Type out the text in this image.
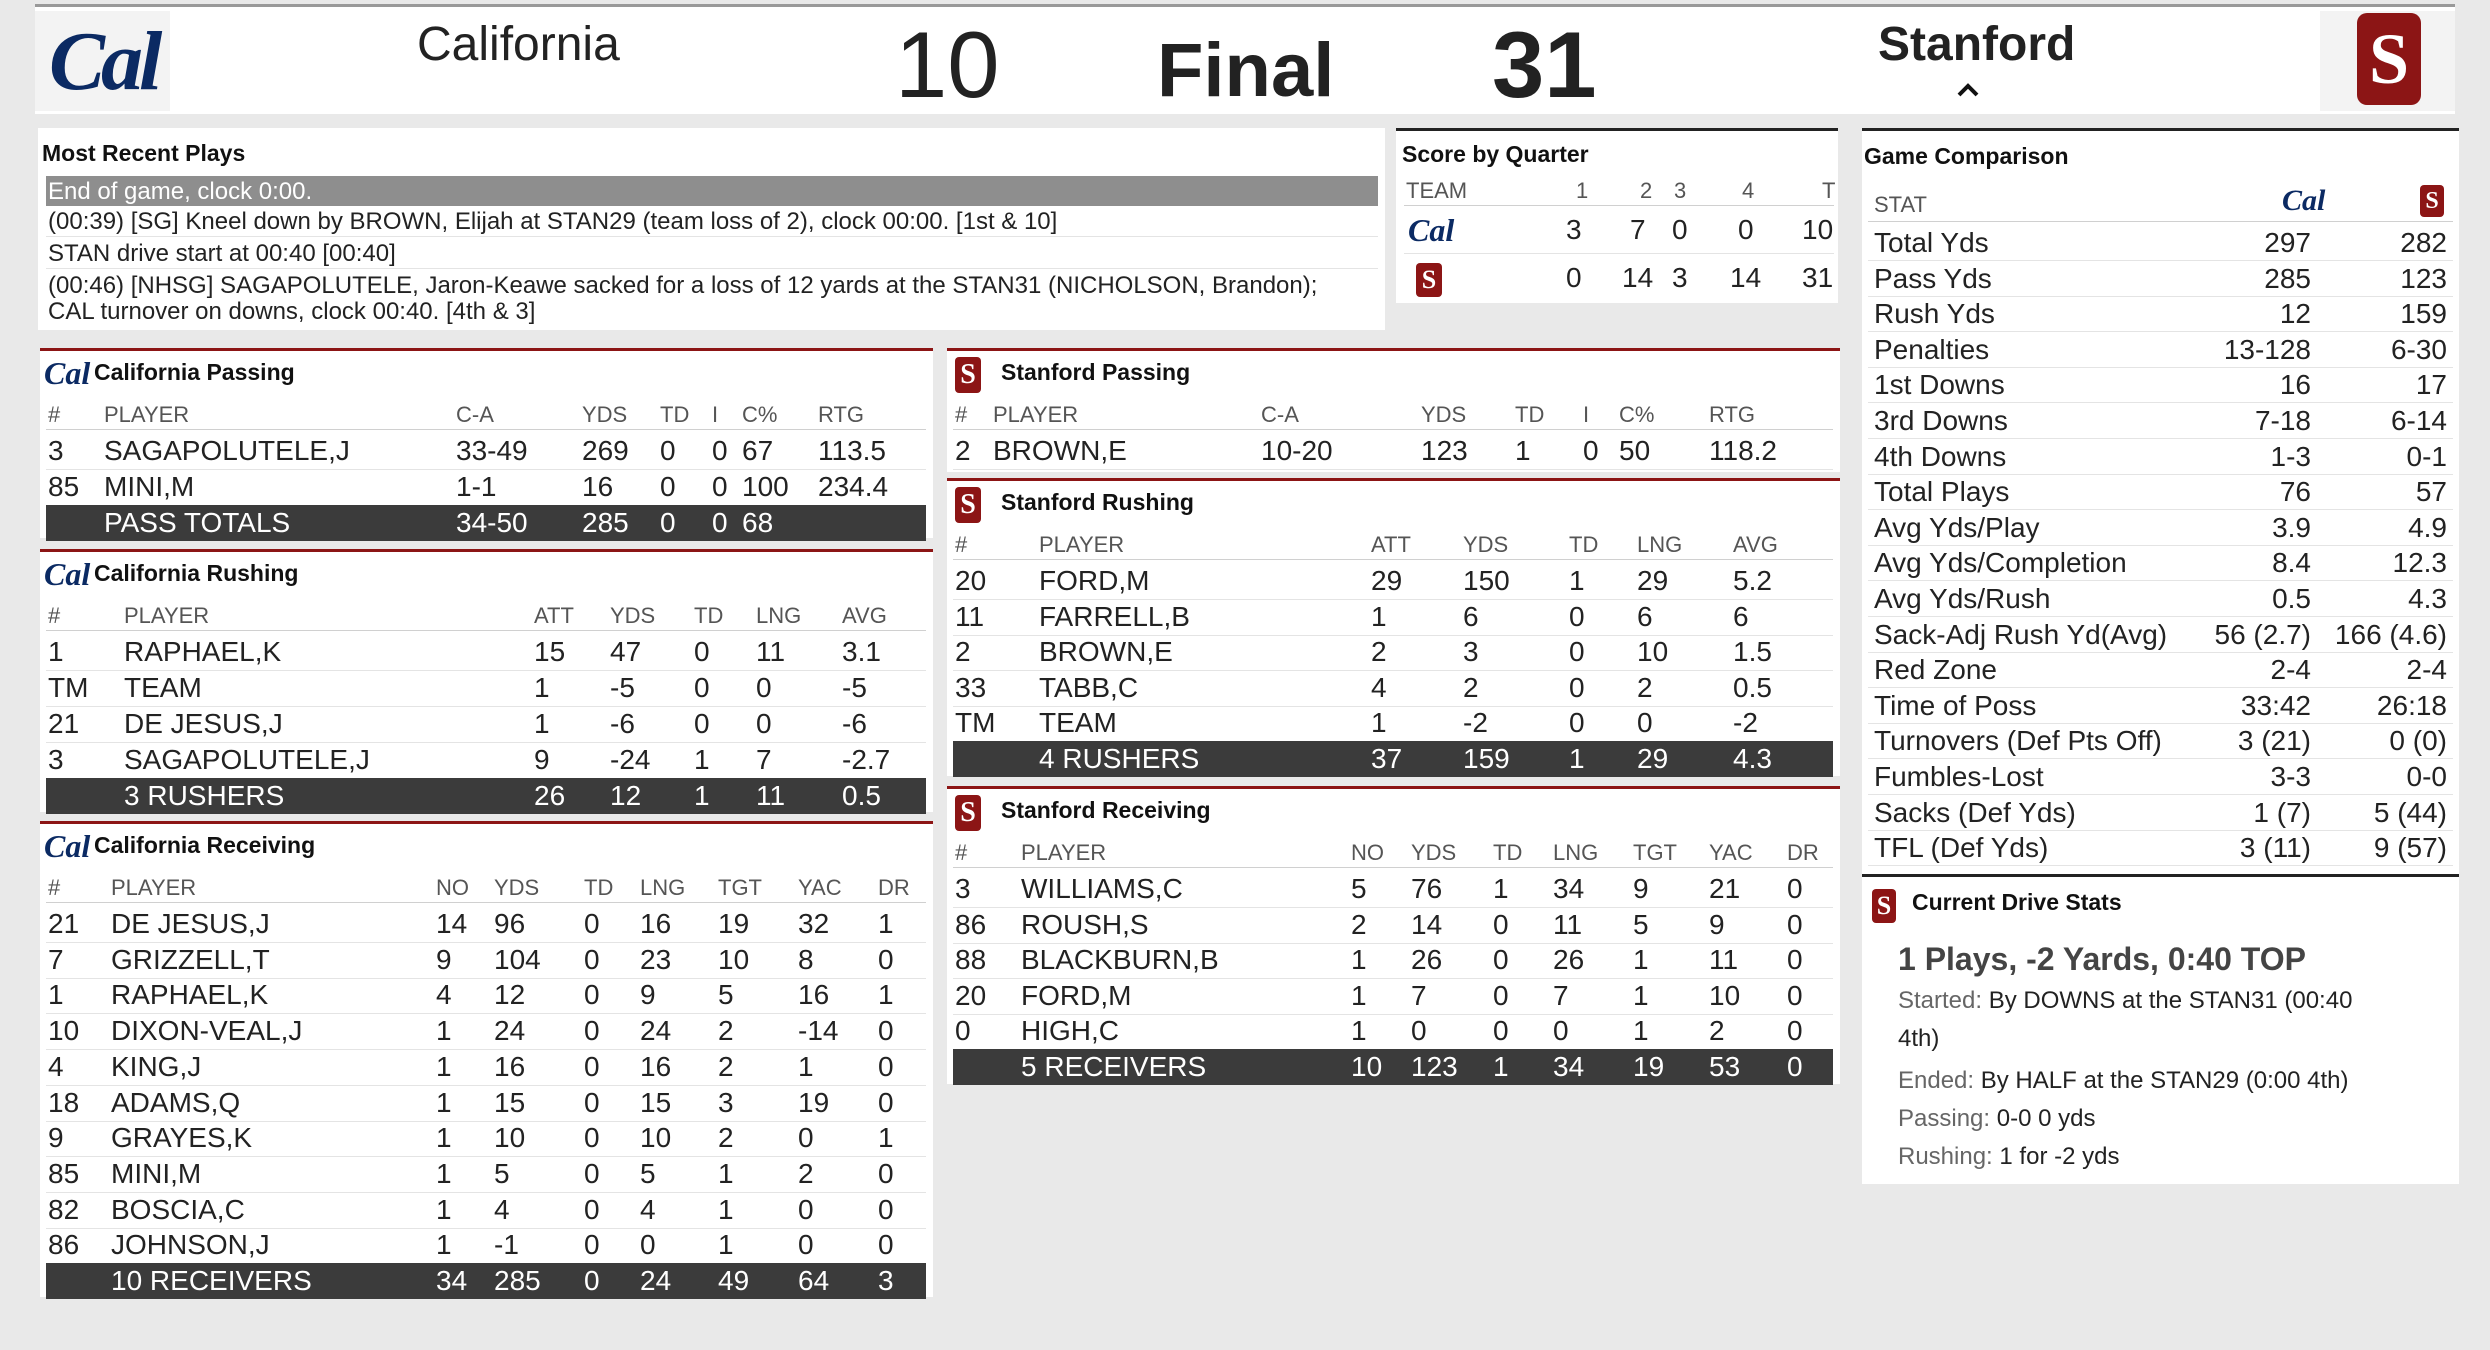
Cal	California	10 Final 31	Stanford	S
Most Recent Plays
End of game, clock 0:00.
(00:39) [SG] Kneel down by BROWN, Elijah at STAN29 (team loss of 2), clock 00:00. [1st & 10]
STAN drive start at 00:40 [00:40]
(00:46) [NHSG] SAGAPOLUTELE, Jaron-Keawe sacked for a loss of 12 yards at the STAN31 (NICHOLSON, Brandon);
CAL turnover on downs, clock 00:40. [4th & 3]
Score by Quarter
TEAM	1 2 3	4	T
Cal	3 7 0 0 10
S	0 14 3 14 31
Game Comparison
STAT	Cal	S
Total Yds	297	282
Pass Yds	285	123
Rush Yds	12	159
Penalties	13-128	6-30
1st Downs	16	17
3rd Downs	7-18	6-14
4th Downs	1-3	0-1
Total Plays	76	57
Avg Yds/Play	3.9	4.9
Avg Yds/Completion	8.4	12.3
Avg Yds/Rush	0.5	4.3
Sack-Adj Rush Yd(Avg) 56 (2.7) 166 (4.6)
Red Zone	2-4	2-4
Time of Poss	33:42 26:18
Turnovers (Def Pts Off)	3 (21)	0 (0)
Fumbles-Lost	3-3	0-0
Sacks (Def Yds)	1 (7) 5 (44)
TFL (Def Yds)	3 (11) 9 (57)
Cal California Passing
# PLAYER	C-A	YDS TD I C% RTG
3 SAGAPOLUTELE,J	33-49 269 0 0 67 113.5
85 MINI,M	1-1	16 0 0 100 234.4
PASS TOTALS	34-50 285 0 0 68
Cal California Rushing
#	PLAYER	ATT YDS TD LNG AVG
1 RAPHAEL,K	15 47 0 11 3.1
TM TEAM	1 -5 0 0	-5
21 DE JESUS,J	1 -6 0 0	-6
3 SAGAPOLUTELE,J	9 -24 1 7	-2.7
3 RUSHERS	26 12 1 11 0.5
Cal California Receiving
# PLAYER	NO YDS TD LNG TGT YAC DR
21 DE JESUS,J	14 96 0 16 19 32 1
7 GRIZZELL,T	9 104 0 23 10 8 0
1 RAPHAEL,K	4 12 0 9 5 16 1
10 DIXON-VEAL,J	1 24 0 24 2 -14 0
4 KING,J	1 16 0 16 2 1 0
18 ADAMS,Q	1 15 0 15 3 19 0
9 GRAYES,K	1 10 0 10 2 0 1
85 MINI,M	1 5	0 5 1 2 0
82 BOSCIA,C	1 4	0 4 1 0 0
86 JOHNSON,J	1 -1 0 0 1 0 0
10 RECEIVERS	34 285 0 24 49 64 3
S Stanford Passing
# PLAYER	C-A	YDS TD I C% RTG
2 BROWN,E	10-20	123 1 0 50 118.2
S Stanford Rushing
#	PLAYER	ATT YDS	TD LNG AVG
20 FORD,M	29 150 1 29 5.2
11 FARRELL,B	1	6	0 6	6
2 BROWN,E	2	3	0 10 1.5
33 TABB,C	4	2	0 2	0.5
TM TEAM	1	-2	0 0	-2
4 RUSHERS	37 159 1 29 4.3
S Stanford Receiving
# PLAYER	NO YDS TD LNG TGT YAC DR
3 WILLIAMS,C	5 76 1 34 9 21 0
86 ROUSH,S	2 14 0 11 5 9 0
88 BLACKBURN,B	1 26 0 26 1 11 0
20 FORD,M	1 7 0 7 1 10 0
0 HIGH,C	1 0 0 0 1 2 0
5 RECEIVERS	10 123 1 34 19 53 0
S Current Drive Stats
1 Plays, -2 Yards, 0:40 TOP
Started: By DOWNS at the STAN31 (00:40
4th)
Ended: By HALF at the STAN29 (0:00 4th)
Passing: 0-0 0 yds
Rushing: 1 for -2 yds
